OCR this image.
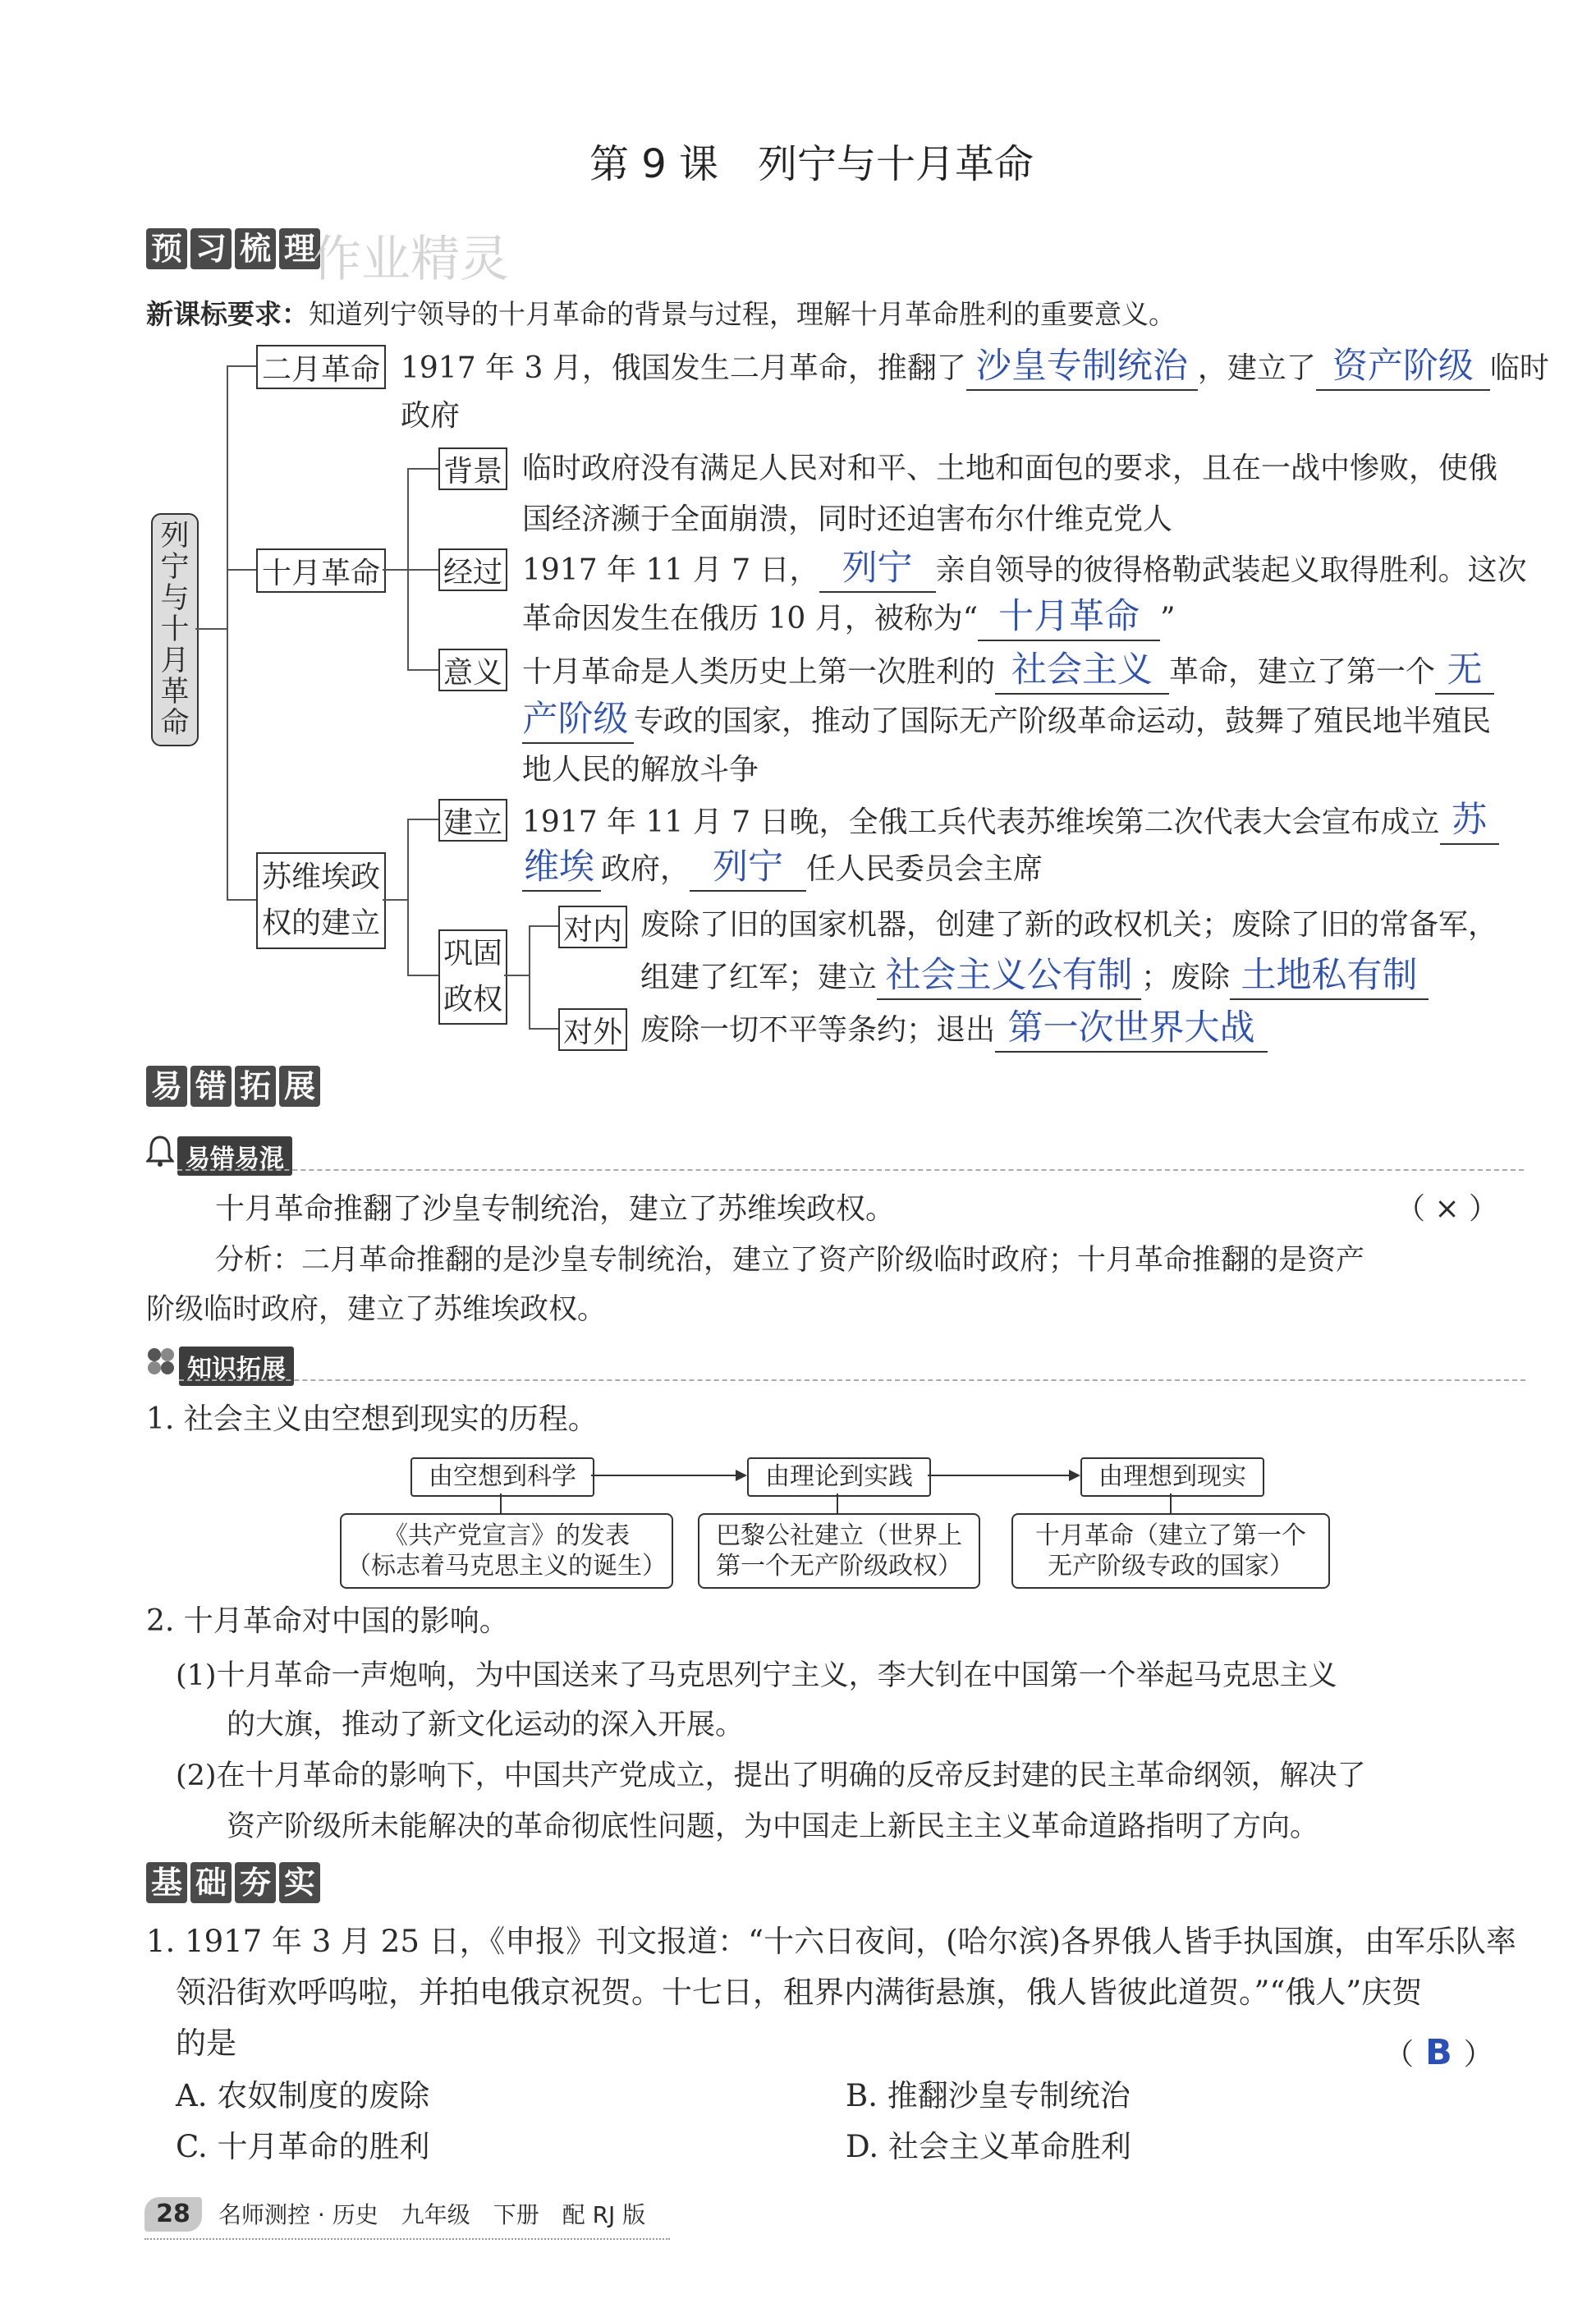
第 9 课　列宁与十月革命
预 习 梳 理
作业精灵
新课标要求：知道列宁领导的十月革命的背景与过程，理解十月革命胜利的重要意义。
列
宁
与
十
月
革
命
二月革命 1917 年 3 月，俄国发生二月革命，推翻了 沙皇专制统治 ，建立了 资产阶级 临时
政府
十月革命
背景 临时政府没有满足人民对和平、土地和面包的要求，且在一战中惨败，使俄
国经济濒于全面崩溃，同时还迫害布尔什维克党人
经过 1917 年 11 月 7 日， 列宁 亲自领导的彼得格勒武装起义取得胜利。这次
革命因发生在俄历 10 月，被称为“ 十月革命 ”
意义 十月革命是人类历史上第一次胜利的 社会主义 革命，建立了第一个 无
产阶级 专政的国家，推动了国际无产阶级革命运动，鼓舞了殖民地半殖民
地人民的解放斗争
苏维埃政
权的建立
建立 1917 年 11 月 7 日晚，全俄工兵代表苏维埃第二次代表大会宣布成立 苏
维埃 政府， 列宁 任人民委员会主席
巩固
政权
对内 废除了旧的国家机器，创建了新的政权机关；废除了旧的常备军，
组建了红军；建立 社会主义公有制 ；废除 土地私有制
对外 废除一切不平等条约；退出 第一次世界大战
易 错 拓 展
易错易混
十月革命推翻了沙皇专制统治，建立了苏维埃政权。	（ × ）
分析：二月革命推翻的是沙皇专制统治，建立了资产阶级临时政府；十月革命推翻的是资产
阶级临时政府，建立了苏维埃政权。
知识拓展
1. 社会主义由空想到现实的历程。
由空想到科学	由理论到实践	由理想到现实
《共产党宣言》的发表
（标志着马克思主义的诞生）
巴黎公社建立（世界上
第一个无产阶级政权）
十月革命（建立了第一个
无产阶级专政的国家）
2. 十月革命对中国的影响。
(1)十月革命一声炮响，为中国送来了马克思列宁主义，李大钊在中国第一个举起马克思主义
的大旗，推动了新文化运动的深入开展。
(2)在十月革命的影响下，中国共产党成立，提出了明确的反帝反封建的民主革命纲领，解决了
资产阶级所未能解决的革命彻底性问题，为中国走上新民主主义革命道路指明了方向。
基 础 夯 实
1. 1917 年 3 月 25 日，《申报》刊文报道：“十六日夜间，(哈尔滨)各界俄人皆手执国旗，由军乐队率
领沿街欢呼呜啦，并拍电俄京祝贺。十七日，租界内满街悬旗，俄人皆彼此道贺。”“俄人”庆贺
的是	（ B ）
A. 农奴制度的废除	B. 推翻沙皇专制统治
C. 十月革命的胜利	D. 社会主义革命胜利
28	名师测控 · 历史　九年级　下册　配 RJ 版
